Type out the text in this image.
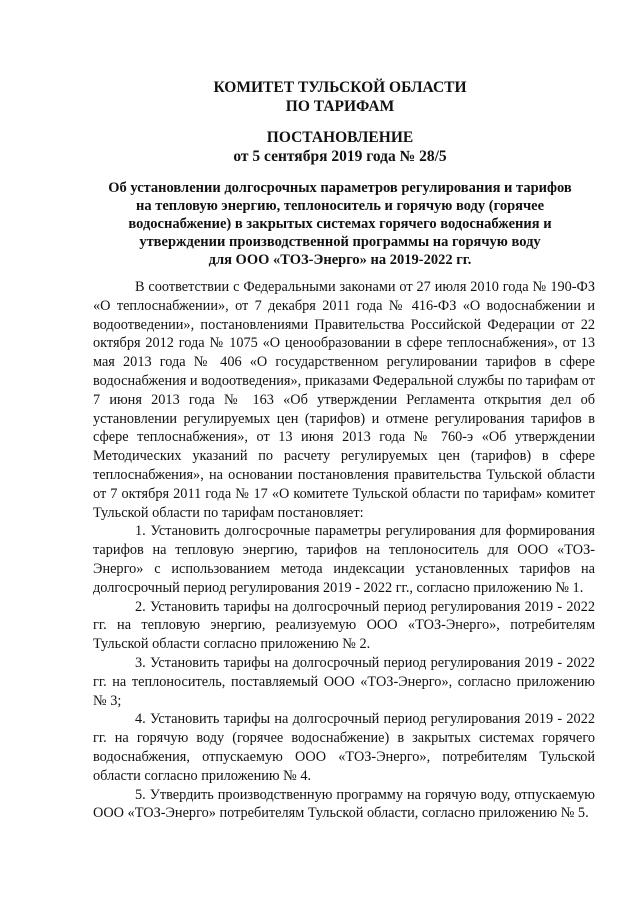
КОМИТЕТ ТУЛЬСКОЙ ОБЛАСТИ
ПО ТАРИФАМ
ПОСТАНОВЛЕНИЕ
от 5 сентября 2019 года № 28/5
Об установлении долгосрочных параметров регулирования и тарифов
на тепловую энергию, теплоноситель и горячую воду (горячее
водоснабжение) в закрытых системах горячего водоснабжения и
утверждении производственной программы на горячую воду
для ООО «ТОЗ-Энерго» на 2019-2022 гг.

В соответствии с Федеральными законами от 27 июля 2010 года № 190-ФЗ «О теплоснабжении», от 7 декабря 2011 года № 416-ФЗ «О водоснабжении и водоотведении», постановлениями Правительства Российской Федерации от 22 октября 2012 года № 1075 «О ценообразовании в сфере теплоснабжения», от 13 мая 2013 года № 406 «О государственном регулировании тарифов в сфере водоснабжения и водоотведения», приказами Федеральной службы по тарифам от 7 июня 2013 года № 163 «Об утверждении Регламента открытия дел об установлении регулируемых цен (тарифов) и отмене регулирования тарифов в сфере теплоснабжения», от 13 июня 2013 года № 760-э «Об утверждении Методических указаний по расчету регулируемых цен (тарифов) в сфере теплоснабжения», на основании постановления правительства Тульской области от 7 октября 2011 года № 17 «О комитете Тульской области по тарифам» комитет Тульской области по тарифам постановляет:

1. Установить долгосрочные параметры регулирования для формирования тарифов на тепловую энергию, тарифов на теплоноситель для ООО «ТОЗ-Энерго» с использованием метода индексации установленных тарифов на долгосрочный период регулирования 2019 - 2022 гг., согласно приложению № 1.

2. Установить тарифы на долгосрочный период регулирования 2019 - 2022 гг. на тепловую энергию, реализуемую ООО «ТОЗ-Энерго», потребителям Тульской области согласно приложению № 2.

3. Установить тарифы на долгосрочный период регулирования 2019 - 2022 гг. на теплоноситель, поставляемый ООО «ТОЗ-Энерго», согласно приложению № 3;

4. Установить тарифы на долгосрочный период регулирования 2019 - 2022 гг. на горячую воду (горячее водоснабжение) в закрытых системах горячего водоснабжения, отпускаемую ООО «ТОЗ-Энерго», потребителям Тульской области согласно приложению № 4.

5. Утвердить производственную программу на горячую воду, отпускаемую ООО «ТОЗ-Энерго» потребителям Тульской области, согласно приложению № 5.
